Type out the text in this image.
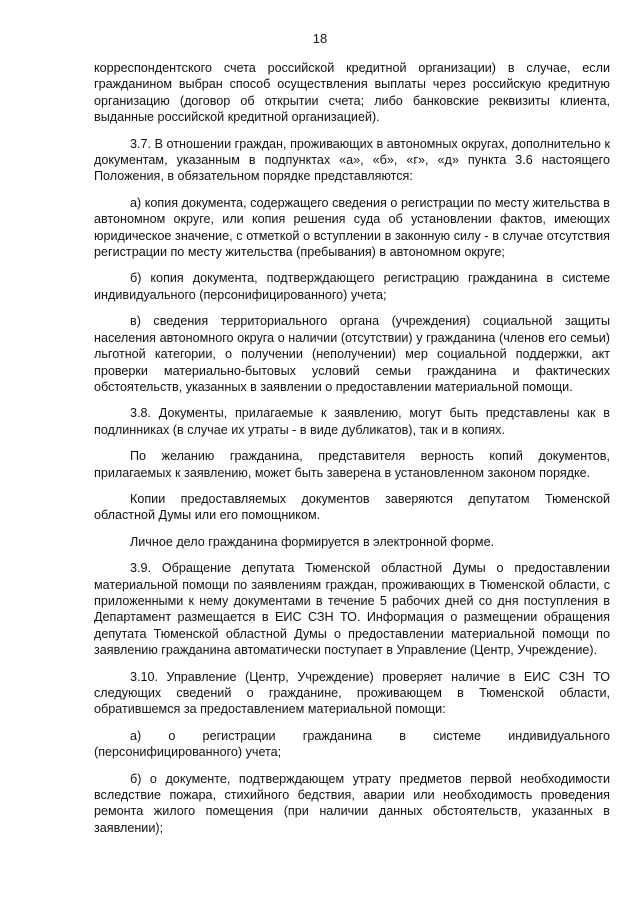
18

корреспондентского счета российской кредитной организации) в случае, если гражданином выбран способ осуществления выплаты через российскую кредитную организацию (договор об открытии счета; либо банковские реквизиты клиента, выданные российской кредитной организацией).

3.7. В отношении граждан, проживающих в автономных округах, дополнительно к документам, указанным в подпунктах «а», «б», «г», «д» пункта 3.6 настоящего Положения, в обязательном порядке представляются:

а) копия документа, содержащего сведения о регистрации по месту жительства в автономном округе, или копия решения суда об установлении фактов, имеющих юридическое значение, с отметкой о вступлении в законную силу - в случае отсутствия регистрации по месту жительства (пребывания) в автономном округе;

б) копия документа, подтверждающего регистрацию гражданина в системе индивидуального (персонифицированного) учета;

в) сведения территориального органа (учреждения) социальной защиты населения автономного округа о наличии (отсутствии) у гражданина (членов его семьи) льготной категории, о получении (неполучении) мер социальной поддержки, акт проверки материально-бытовых условий семьи гражданина и фактических обстоятельств, указанных в заявлении о предоставлении материальной помощи.

3.8. Документы, прилагаемые к заявлению, могут быть представлены как в подлинниках (в случае их утраты - в виде дубликатов), так и в копиях.

По желанию гражданина, представителя верность копий документов, прилагаемых к заявлению, может быть заверена в установленном законом порядке.

Копии предоставляемых документов заверяются депутатом Тюменской областной Думы или его помощником.

Личное дело гражданина формируется в электронной форме.

3.9. Обращение депутата Тюменской областной Думы о предоставлении материальной помощи по заявлениям граждан, проживающих в Тюменской области, с приложенными к нему документами в течение 5 рабочих дней со дня поступления в Департамент размещается в ЕИС СЗН ТО. Информация о размещении обращения депутата Тюменской областной Думы о предоставлении материальной помощи по заявлению гражданина автоматически поступает в Управление (Центр, Учреждение).

3.10. Управление (Центр, Учреждение) проверяет наличие в ЕИС СЗН ТО следующих сведений о гражданине, проживающем в Тюменской области, обратившемся за предоставлением материальной помощи:

а) о регистрации гражданина в системе индивидуального (персонифицированного) учета;

б) о документе, подтверждающем утрату предметов первой необходимости вследствие пожара, стихийного бедствия, аварии или необходимость проведения ремонта жилого помещения (при наличии данных обстоятельств, указанных в заявлении);
